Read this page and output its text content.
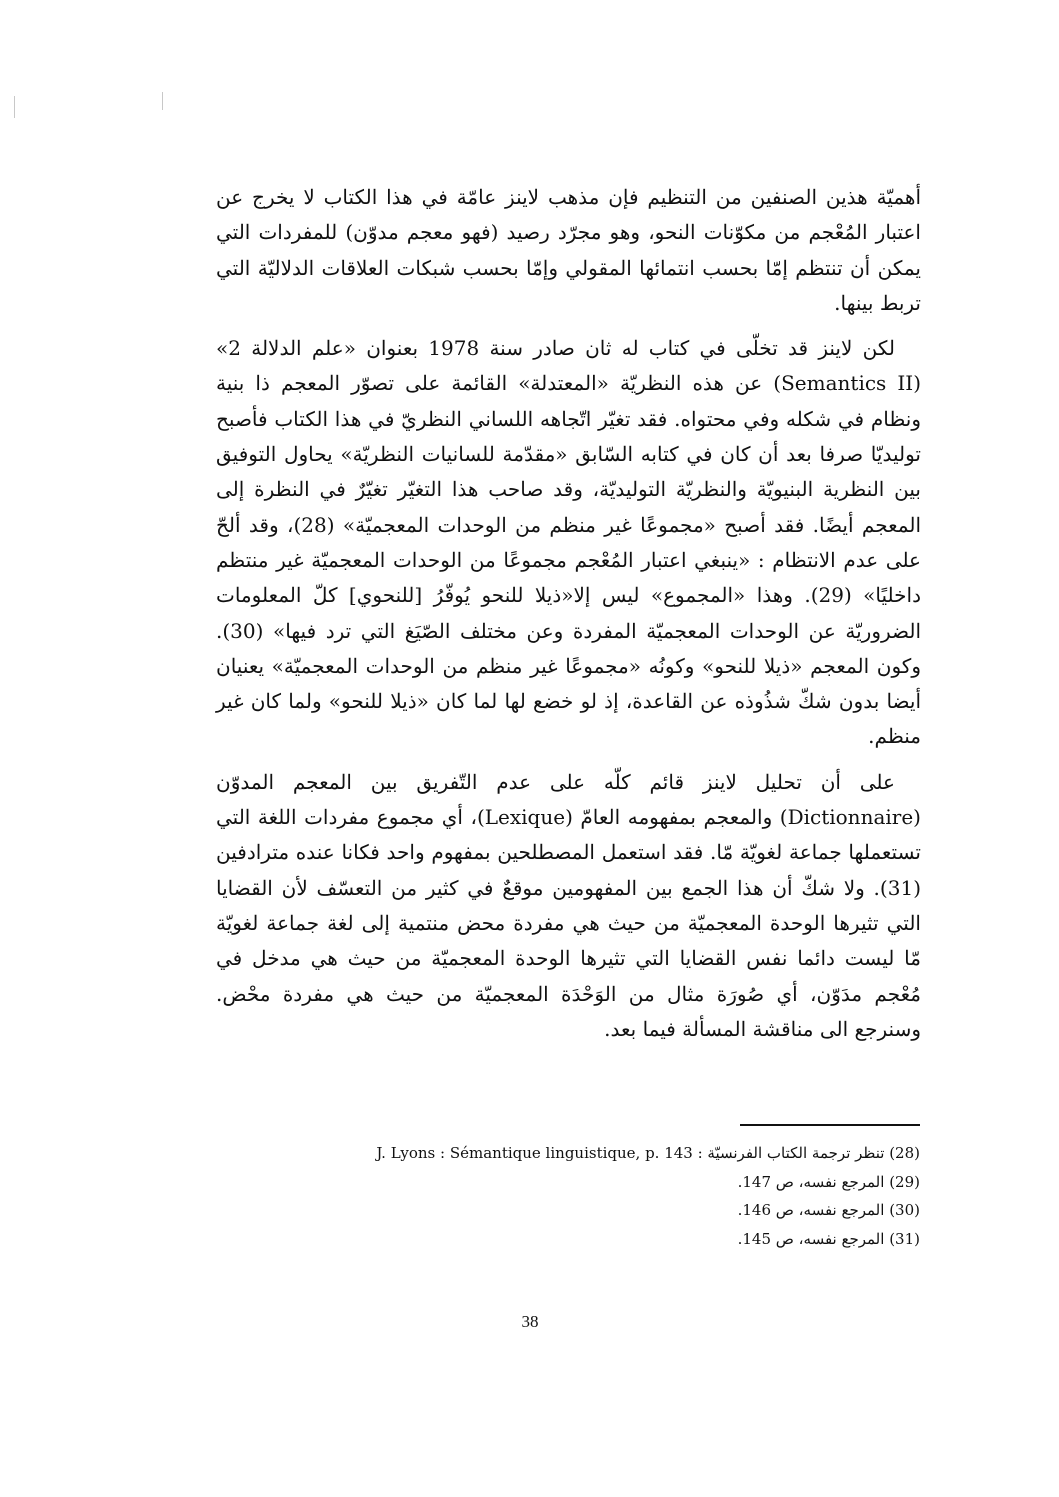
أهميّة هذين الصنفين من التنظيم فإن مذهب لاينز عامّة في هذا الكتاب لا يخرج عن اعتبار المُعْجم من مكوّنات النحو، وهو مجرّد رصيد (فهو معجم مدوّن) للمفردات التي يمكن أن تنتظم إمّا بحسب انتمائها المقولي وإمّا بحسب شبكات العلاقات الدلاليّة التي تربط بينها.

لكن لاينز قد تخلّى في كتاب له ثان صادر سنة 1978 بعنوان «علم الدلالة 2» (Semantics II) عن هذه النظريّة «المعتدلة» القائمة على تصوّر المعجم ذا بنية ونظام في شكله وفي محتواه. فقد تغيّر اتّجاهه اللساني النظريّ في هذا الكتاب فأصبح توليديّا صرفا بعد أن كان في كتابه السّابق «مقدّمة للسانيات النظريّة» يحاول التوفيق بين النظرية البنيويّة والنظريّة التوليديّة، وقد صاحب هذا التغيّر تغيّرٌ في النظرة إلى المعجم أيضًا. فقد أصبح «مجموعًا غير منظم من الوحدات المعجميّة» (28)، وقد ألحّ على عدم الانتظام : «ينبغي اعتبار المُعْجم مجموعًا من الوحدات المعجميّة غير منتظم داخليًا» (29). وهذا «المجموع» ليس إلا«ذيلا للنحو يُوفّرُ [للنحوي] كلّ المعلومات الضروريّة عن الوحدات المعجميّة المفردة وعن مختلف الصّيَغ التي ترد فيها» (30). وكون المعجم «ذيلا للنحو» وكونُه «مجموعًا غير منظم من الوحدات المعجميّة» يعنيان أيضا بدون شكّ شذُوذه عن القاعدة، إذ لو خضع لها لما كان «ذيلا للنحو» ولما كان غير منظم.

على أن تحليل لاينز قائم كلّه على عدم التّفريق بين المعجم المدوّن (Dictionnaire) والمعجم بمفهومه العامّ (Lexique)، أي مجموع مفردات اللغة التي تستعملها جماعة لغويّة مّا. فقد استعمل المصطلحين بمفهوم واحد فكانا عنده مترادفين (31). ولا شكّ أن هذا الجمع بين المفهومين موقعٌ في كثير من التعسّف لأن القضايا التي تثيرها الوحدة المعجميّة من حيث هي مفردة محض منتمية إلى لغة جماعة لغويّة مّا ليست دائما نفس القضايا التي تثيرها الوحدة المعجميّة من حيث هي مدخل في مُعْجم مدَوّن، أي صُورَة مثال من الوَحْدَة المعجميّة من حيث هي مفردة محْض. وسنرجع الى مناقشة المسألة فيما بعد.

(28) تنظر ترجمة الكتاب الفرنسيّة : J. Lyons : Sémantique linguistique, p. 143

(29) المرجع نفسه، ص 147.

(30) المرجع نفسه، ص 146.

(31) المرجع نفسه، ص 145.

38
